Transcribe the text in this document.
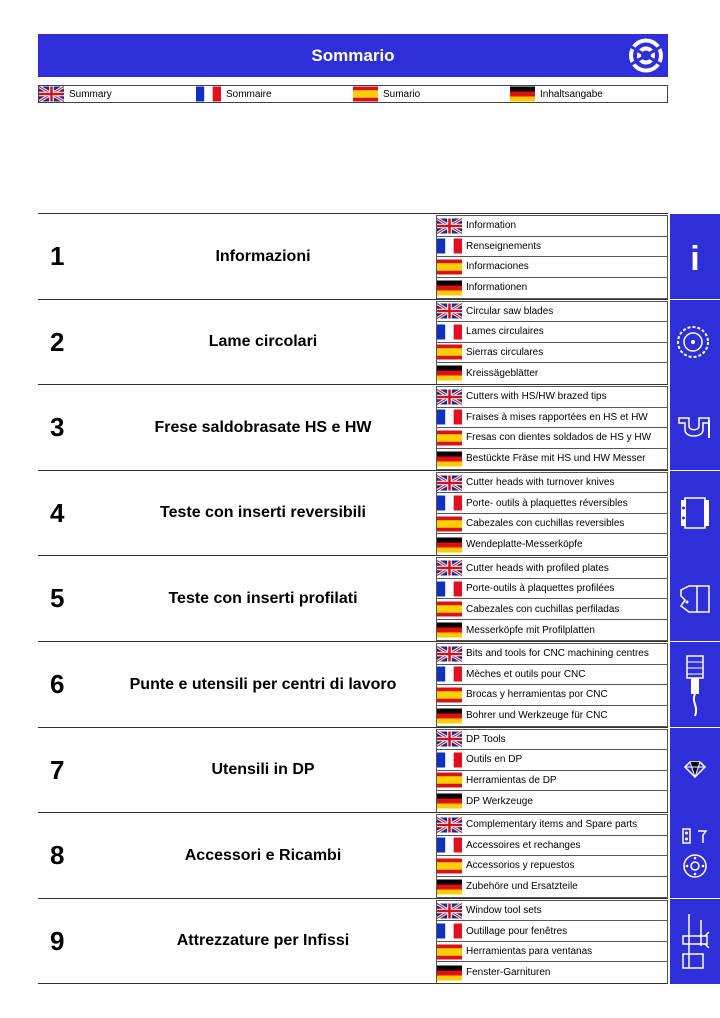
Sommario
Summary	Sommaire	Sumario	Inhaltsangabe
1	Informazioni
Information
Renseignements
Informaciones
Informationen
i
2	Lame circolari
Circular saw blades
Lames circulaires
Sierras circulares
Kreissägeblätter
3	Frese saldobrasate HS e HW
Cutters with HS/HW brazed tips
Fraises à mises rapportées en HS et HW
Fresas con dientes soldados de HS y HW
Bestückte Fräse mit HS und HW Messer
4	Teste con inserti reversibili
Cutter heads with turnover knives
Porte- outils à plaquettes réversibles
Cabezales con cuchillas reversibles
Wendeplatte-Messerköpfe
5	Teste con inserti profilati
Cutter heads with profiled plates
Porte-outils à plaquettes profilées
Cabezales con cuchillas perfiladas
Messerköpfe mit Profilplatten
6	Punte e utensili per centri di lavoro
Bits and tools for CNC machining centres
Mèches et outils pour CNC
Brocas y herramientas por CNC
Bohrer und Werkzeuge für CNC
7	Utensili in DP
DP Tools
Outils en DP
Herramientas de DP
DP Werkzeuge
8	Accessori e Ricambi
Complementary items and Spare parts
Accessoires et rechanges
Accessorios y repuestos
Zubehöre und Ersatzteile
9	Attrezzature per Infissi
Window tool sets
Outillage pour fenêtres
Herramientas para ventanas
Fenster-Garnituren
